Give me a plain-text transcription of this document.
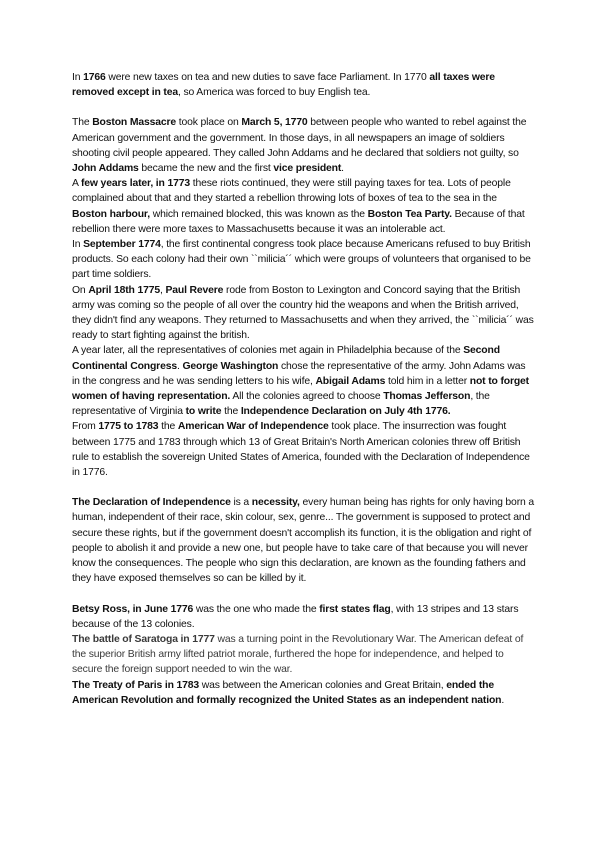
In 1766 were new taxes on tea and new duties to save face Parliament. In 1770 all taxes were removed except in tea, so America was forced to buy English tea.

The Boston Massacre took place on March 5, 1770 between people who wanted to rebel against the American government and the government. In those days, in all newspapers an image of soldiers shooting civil people appeared. They called John Addams and he declared that soldiers not guilty, so John Addams became the new and the first vice president.

A few years later, in 1773 these riots continued, they were still paying taxes for tea. Lots of people complained about that and they started a rebellion throwing lots of boxes of tea to the sea in the Boston harbour, which remained blocked, this was known as the Boston Tea Party. Because of that rebellion there were more taxes to Massachusetts because it was an intolerable act.

In September 1774, the first continental congress took place because Americans refused to buy British products. So each colony had their own ``milicia´´ which were groups of volunteers that organised to be part time soldiers.

On April 18th 1775, Paul Revere rode from Boston to Lexington and Concord saying that the British army was coming so the people of all over the country hid the weapons and when the British arrived, they didn't find any weapons. They returned to Massachusetts and when they arrived, the ``milicia´´ was ready to start fighting against the british.

A year later, all the representatives of colonies met again in Philadelphia because of the Second Continental Congress. George Washington chose the representative of the army. John Adams was in the congress and he was sending letters to his wife, Abigail Adams told him in a letter not to forget women of having representation. All the colonies agreed to choose Thomas Jefferson, the representative of Virginia to write the Independence Declaration on July 4th 1776.

From 1775 to 1783 the American War of Independence took place. The insurrection was fought between 1775 and 1783 through which 13 of Great Britain's North American colonies threw off British rule to establish the sovereign United States of America, founded with the Declaration of Independence in 1776.

The Declaration of Independence is a necessity, every human being has rights for only having born a human, independent of their race, skin colour, sex, genre... The government is supposed to protect and secure these rights, but if the government doesn't accomplish its function, it is the obligation and right of people to abolish it and provide a new one, but people have to take care of that because you will never know the consequences. The people who sign this declaration, are known as the founding fathers and they have exposed themselves so can be killed by it.

Betsy Ross, in June 1776 was the one who made the first states flag, with 13 stripes and 13 stars because of the 13 colonies.

The battle of Saratoga in 1777 was a turning point in the Revolutionary War. The American defeat of the superior British army lifted patriot morale, furthered the hope for independence, and helped to secure the foreign support needed to win the war.

The Treaty of Paris in 1783 was between the American colonies and Great Britain, ended the American Revolution and formally recognized the United States as an independent nation.
